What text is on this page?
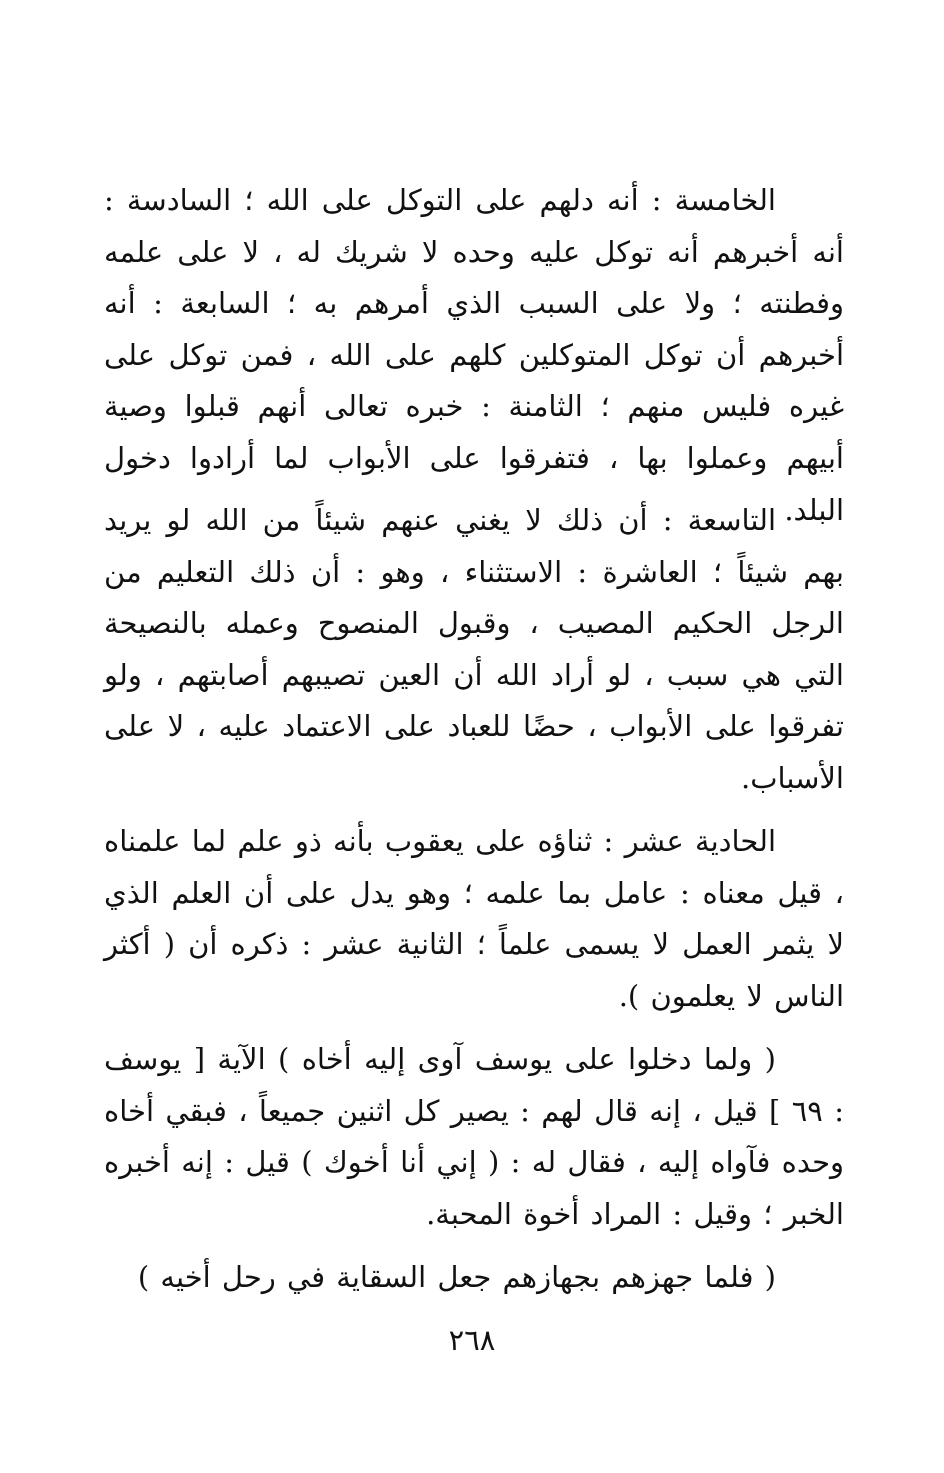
الخامسة : أنه دلهم على التوكل على الله ؛ السادسة : أنه أخبرهم أنه توكل عليه وحده لا شريك له ، لا على علمه وفطنته ؛ ولا على السبب الذي أمرهم به ؛ السابعة : أنه أخبرهم أن توكل المتوكلين كلهم على الله ، فمن توكل على غيره فليس منهم ؛ الثامنة : خبره تعالى أنهم قبلوا وصية أبيهم وعملوا بها ، فتفرقوا على الأبواب لما أرادوا دخول البلد.

التاسعة : أن ذلك لا يغني عنهم شيئاً من الله لو يريد بهم شيئاً ؛ العاشرة : الاستثناء ، وهو : أن ذلك التعليم من الرجل الحكيم المصيب ، وقبول المنصوح وعمله بالنصيحة التي هي سبب ، لو أراد الله أن العين تصيبهم أصابتهم ، ولو تفرقوا على الأبواب ، حضًا للعباد على الاعتماد عليه ، لا على الأسباب.

الحادية عشر : ثناؤه على يعقوب بأنه ذو علم لما علمناه ، قيل معناه : عامل بما علمه ؛ وهو يدل على أن العلم الذي لا يثمر العمل لا يسمى علماً ؛ الثانية عشر : ذكره أن ( أكثر الناس لا يعلمون ).

( ولما دخلوا على يوسف آوى إليه أخاه ) الآية [ يوسف : ٦٩ ] قيل ، إنه قال لهم : يصير كل اثنين جميعاً ، فبقي أخاه وحده فآواه إليه ، فقال له : ( إني أنا أخوك ) قيل : إنه أخبره الخبر ؛ وقيل : المراد أخوة المحبة.

( فلما جهزهم بجهازهم جعل السقاية في رحل أخيه )

٢٦٨
